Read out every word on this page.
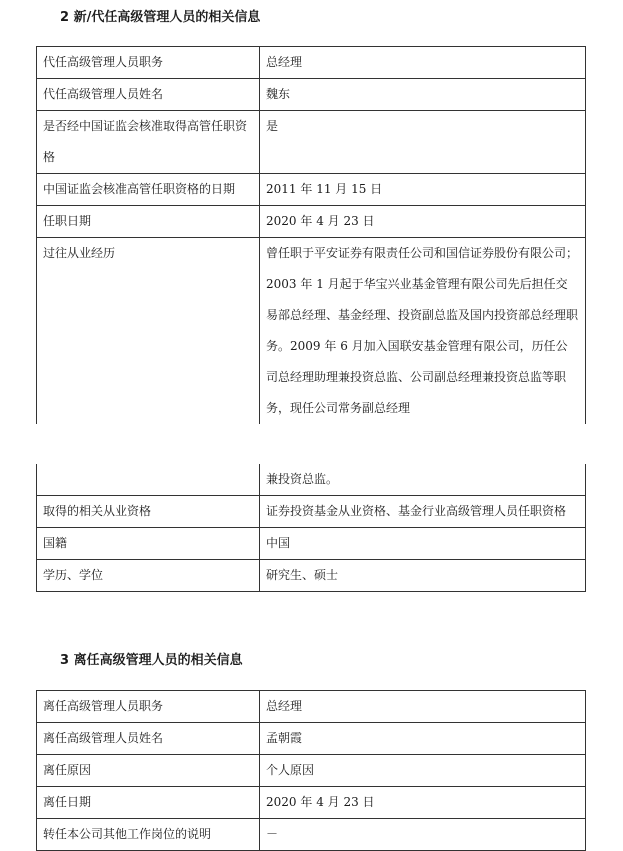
2 新/代任高级管理人员的相关信息
代任高级管理人员职务	总经理
代任高级管理人员姓名	魏东
是否经中国证监会核准取得高管任职资格	是
中国证监会核准高管任职资格的日期	2011 年 11 月 15 日
任职日期	2020 年 4 月 23 日
过往从业经历	曾任职于平安证券有限责任公司和国信证券股份有限公司；2003 年 1 月起于华宝兴业基金管理有限公司先后担任交易部总经理、基金经理、投资副总监及国内投资部总经理职务。2009 年 6 月加入国联安基金管理有限公司，历任公司总经理助理兼投资总监、公司副总经理兼投资总监等职务，现任公司常务副总经理
	兼投资总监。
取得的相关从业资格	证券投资基金从业资格、基金行业高级管理人员任职资格
国籍	中国
学历、学位	研究生、硕士
3 离任高级管理人员的相关信息
离任高级管理人员职务	总经理
离任高级管理人员姓名	孟朝霞
离任原因	个人原因
离任日期	2020 年 4 月 23 日
转任本公司其他工作岗位的说明	－
